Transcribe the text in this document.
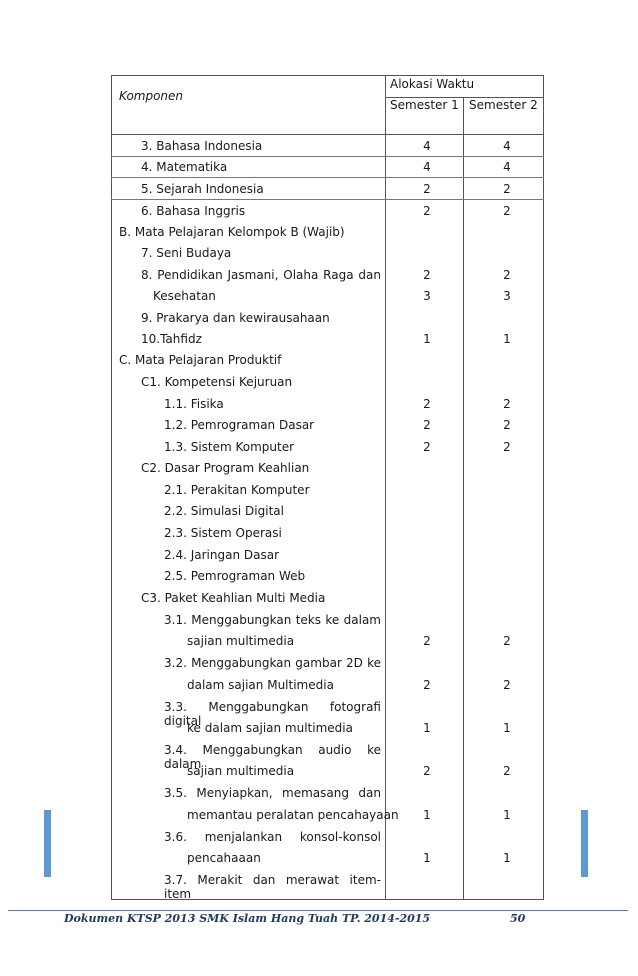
Komponen
Alokasi Waktu
Semester 1 Semester 2
3. Bahasa Indonesia	4	4
4. Matematika	4	4
5. Sejarah Indonesia	2	2
6. Bahasa Inggris	2	2
B. Mata Pelajaran Kelompok B (Wajib)
7. Seni Budaya
8. Pendidikan Jasmani, Olaha Raga dan	2	2
Kesehatan	3	3
9. Prakarya dan kewirausahaan
10.Tahfidz	1	1
C. Mata Pelajaran Produktif
C1. Kompetensi Kejuruan
1.1. Fisika	2	2
1.2. Pemrograman Dasar	2	2
1.3. Sistem Komputer	2	2
C2. Dasar Program Keahlian
2.1. Perakitan Komputer
2.2. Simulasi Digital
2.3. Sistem Operasi
2.4. Jaringan Dasar
2.5. Pemrograman Web
C3. Paket Keahlian Multi Media
3.1. Menggabungkan teks ke dalam
sajian multimedia	2	2
3.2. Menggabungkan gambar 2D ke
dalam sajian Multimedia	2	2
3.3. Menggabungkan fotografi digital
ke dalam sajian multimedia	1	1
3.4. Menggabungkan audio ke dalam
sajian multimedia	2	2
3.5. Menyiapkan, memasang dan
memantau peralatan pencahayaan	1	1
3.6. menjalankan konsol-konsol
pencahaaan	1	1
3.7. Merakit dan merawat item-item
Dokumen KTSP 2013 SMK Islam Hang Tuah TP. 2014-2015	50
